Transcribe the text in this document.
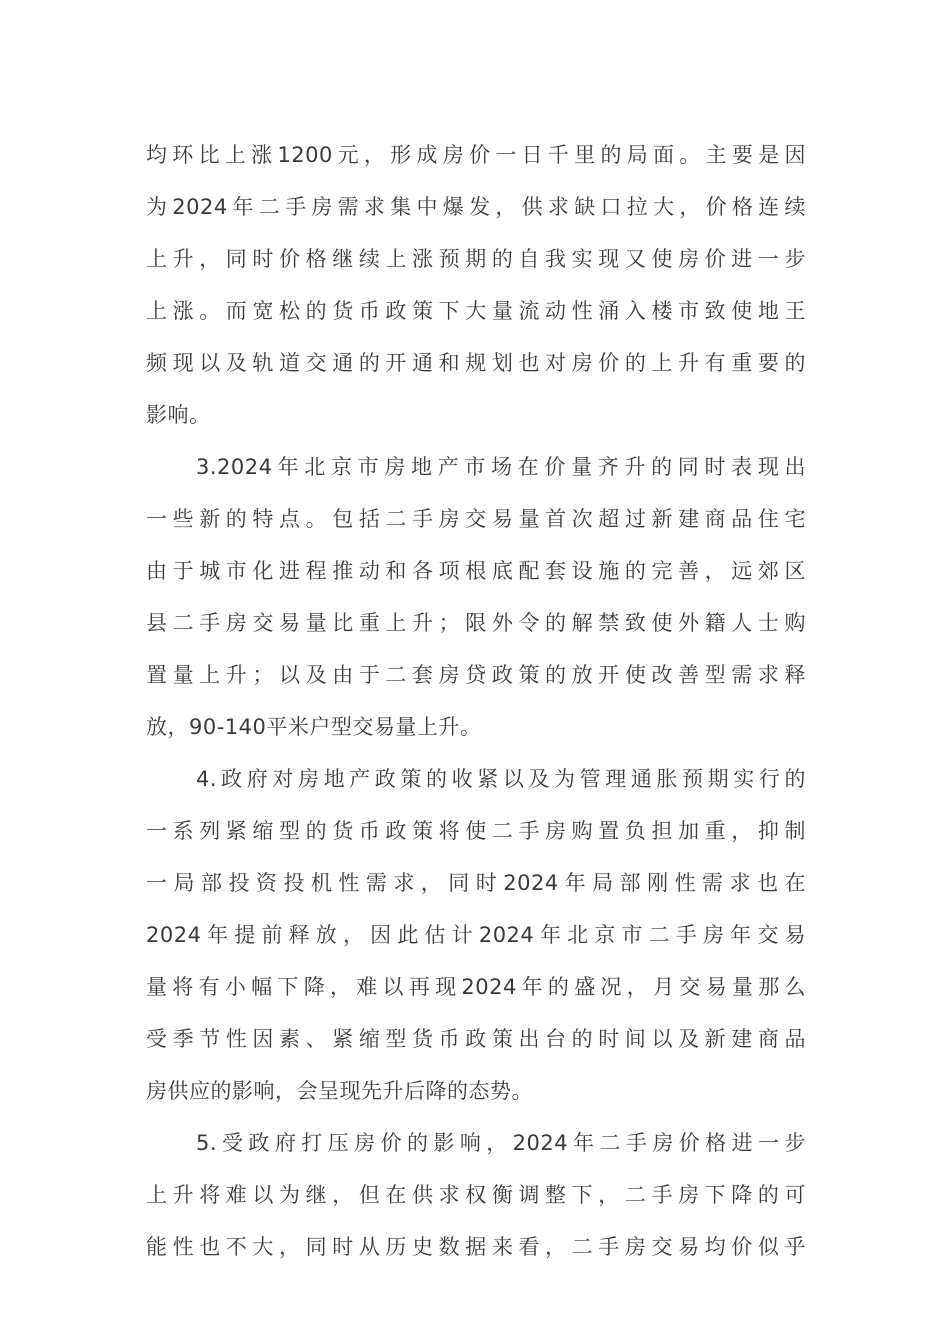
均环比上涨1200元，形成房价一日千里的局面。主要是因
为2024年二手房需求集中爆发，供求缺口拉大，价格连续
上升，同时价格继续上涨预期的自我实现又使房价进一步
上涨。而宽松的货币政策下大量流动性涌入楼市致使地王
频现以及轨道交通的开通和规划也对房价的上升有重要的
影响。
3.2024年北京市房地产市场在价量齐升的同时表现出
一些新的特点。包括二手房交易量首次超过新建商品住宅
由于城市化进程推动和各项根底配套设施的完善，远郊区
县二手房交易量比重上升；限外令的解禁致使外籍人士购
置量上升；以及由于二套房贷政策的放开使改善型需求释
放，90-140平米户型交易量上升。
4.政府对房地产政策的收紧以及为管理通胀预期实行的
一系列紧缩型的货币政策将使二手房购置负担加重，抑制
一局部投资投机性需求，同时2024年局部刚性需求也在
2024年提前释放，因此估计2024年北京市二手房年交易
量将有小幅下降，难以再现2024年的盛况，月交易量那么
受季节性因素、紧缩型货币政策出台的时间以及新建商品
房供应的影响，会呈现先升后降的态势。
5.受政府打压房价的影响，2024年二手房价格进一步
上升将难以为继，但在供求权衡调整下，二手房下降的可
能性也不大，同时从历史数据来看，二手房交易均价似乎
